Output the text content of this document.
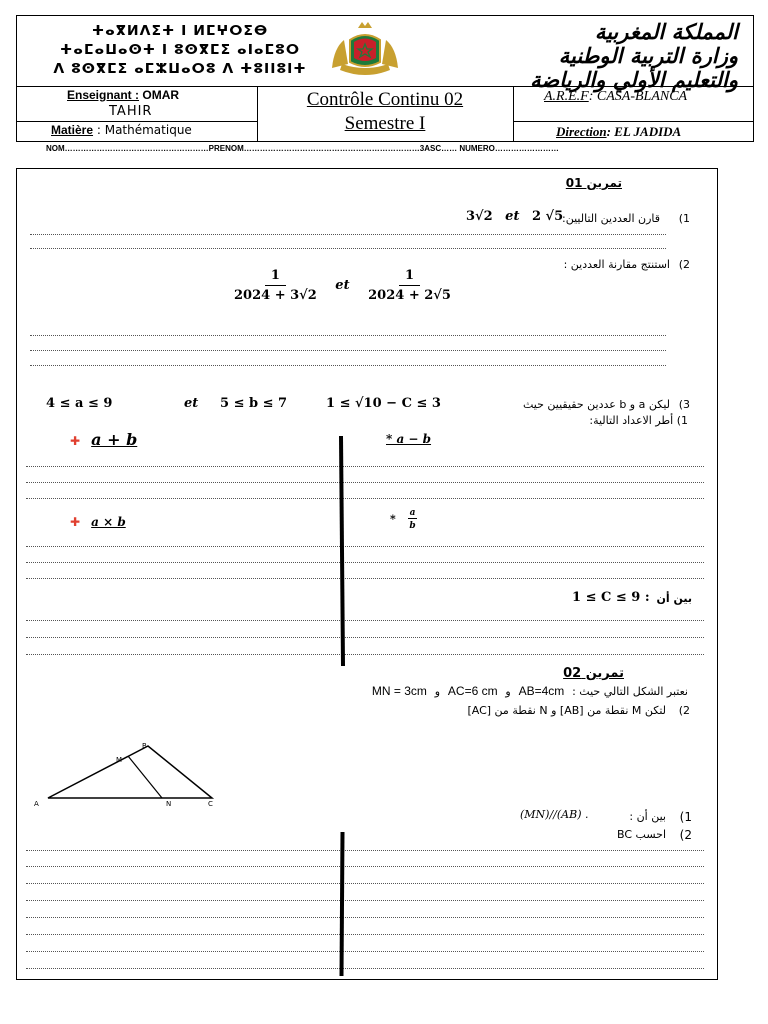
ⵜⴰⴳⵍⴷⵉⵜ ⵏ ⵍⵎⵖⵔⵉⴱ
ⵜⴰⵎⴰⵡⴰⵙⵜ ⵏ ⵓⵙⴳⵎⵉ ⴰⵏⴰⵎⵓⵔ
ⴷ ⵓⵙⴳⵎⵉ ⴰⵎⵣⵡⴰⵔⵓ ⴷ ⵜⵓⵏⵏⵓⵏⵜ
المملكة المغربية
وزارة التربية الوطنية
والتعليم الأولي والرياضة
Enseignant : OMAR
TAHIR
Matière : Mathématique
Contrôle Continu 02
Semestre I
A.R.E.F: CASA-BLANCA
Direction: EL JADIDA
NOM………………………………………………PRENOM…………………………………………………………3ASC…… NUMERO……………………
تمرين 01
1)
قارن العددين التاليين:
3√2 et 2 √5
2)
استنتج مقارنة العددين :
$\frac{1}{2024 + 3√2}$ et $\frac{1}{2024 + 2√5}$
3)
ليكن a و b عددين حقيقيين حيث
4 ≤ a ≤ 9	et 5 ≤ b ≤ 7	1 ≤ √10 − C ≤ 3
1) أطر الاعداد التالية:
✚ a + b	* a − b
✚ a × b	* $\frac{a}{b}$
بين أن
1 ≤ C ≤ 9 :
تمرين 02
نعتبر الشكل التالي حيث : AB=4cm و AC=6 cm و MN = 3cm
2)
لتكن M نقطة من [AB] و N نقطة من [AC]
A
B
C
M
N
1)
بين أن :
(MN)//(AB) .
2)
احسب BC
